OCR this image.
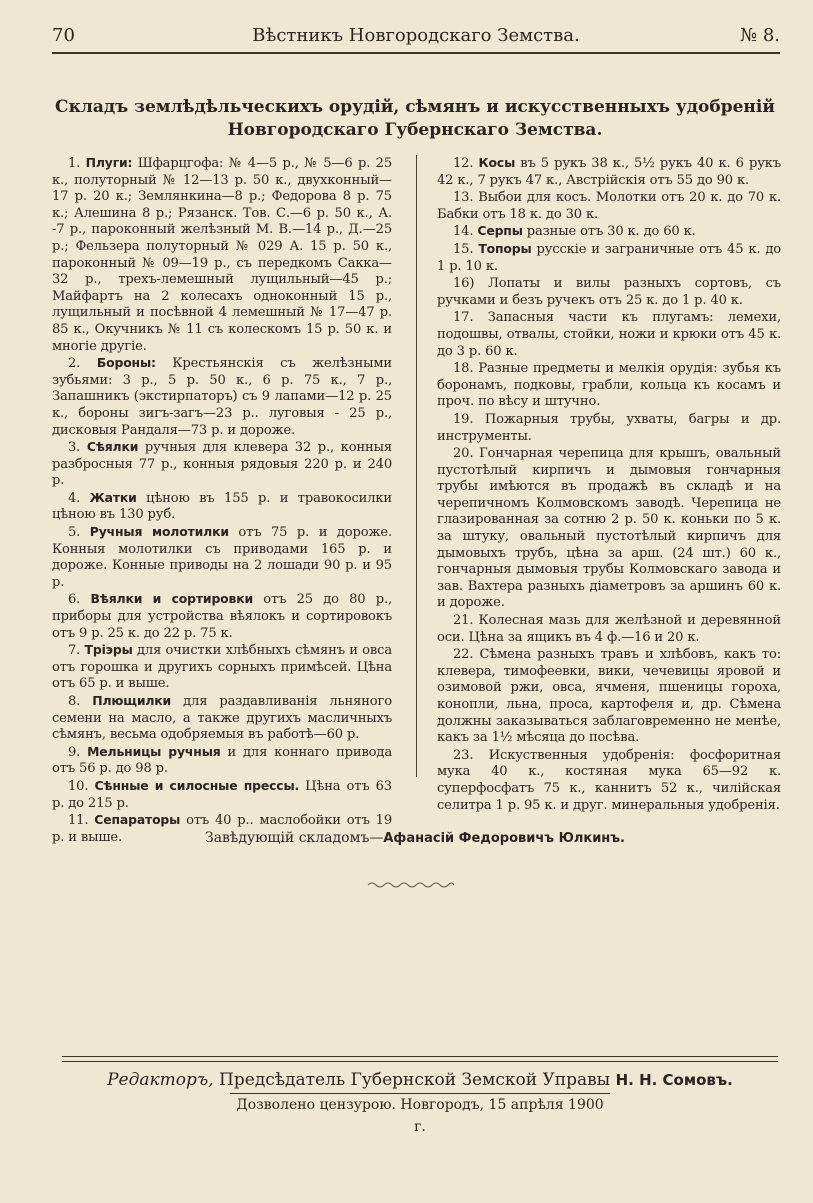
70	Вѣстникъ Новгородскаго Земства.	№ 8.
Складъ землѣдѣльческихъ орудій, сѣмянъ и искусственныхъ удобреній Новгородскаго Губернскаго Земства.

1. Плуги: Шфарцгофа: № 4—5 р., № 5—6 р. 25 к., полуторный № 12—13 р. 50 к., двухконный—17 р. 20 к.; Землянкина—8 р.; Федорова 8 р. 75 к.; Алешина 8 р.; Рязанск. Тов. С.—6 р. 50 к., А. -7 р., пароконный желѣзный М. В.—14 р., Д.—25 р.; Фельзера полуторный № 029 А. 15 р. 50 к., пароконный № 09—19 р., съ передкомъ Сакка—32 р., трехъ-лемешный лущильный—45 р.; Майфартъ на 2 колесахъ одноконный 15 р., лущильный и посѣвной 4 лемешный № 17—47 р. 85 к., Окучникъ № 11 съ колескомъ 15 р. 50 к. и многіе другіе.

2. Бороны: Крестьянскія съ желѣзными зубьями: 3 р., 5 р. 50 к., 6 р. 75 к., 7 р., Запашникъ (экстирпаторъ) съ 9 лапами—12 р. 25 к., бороны зигъ-загъ—23 р.. луговыя - 25 р., дисковыя Рандаля—73 р. и дороже.

3. Сѣялки ручныя для клевера 32 р., конныя разбросныя 77 р., конныя рядовыя 220 р. и 240 р.

4. Жатки цѣною въ 155 р. и травокосилки цѣною въ 130 руб.

5. Ручныя молотилки отъ 75 р. и дороже. Конныя молотилки съ приводами 165 р. и дороже. Конные приводы на 2 лошади 90 р. и 95 р.

6. Вѣялки и сортировки отъ 25 до 80 р., приборы для устройства вѣялокъ и сортировокъ отъ 9 р. 25 к. до 22 р. 75 к.

7. Тріэры для очистки хлѣбныхъ сѣмянъ и овса отъ горошка и другихъ сорныхъ примѣсей. Цѣна отъ 65 р. и выше.

8. Плющилки для раздавливанія льняного семени на масло, а также другихъ масличныхъ сѣмянъ, весьма одобряемыя въ работѣ—60 р.

9. Мельницы ручныя и для коннаго привода отъ 56 р. до 98 р.

10. Сѣнные и силосные прессы. Цѣна отъ 63 р. до 215 р.

11. Сепараторы отъ 40 р.. маслобойки отъ 19 р. и выше.

12. Косы въ 5 рукъ 38 к., 5½ рукъ 40 к. 6 рукъ 42 к., 7 рукъ 47 к., Австрійскія отъ 55 до 90 к.

13. Выбои для косъ. Молотки отъ 20 к. до 70 к. Бабки отъ 18 к. до 30 к.

14. Серпы разные отъ 30 к. до 60 к.

15. Топоры русскіе и заграничные отъ 45 к. до 1 р. 10 к.

16) Лопаты и вилы разныхъ сортовъ, съ ручками и безъ ручекъ отъ 25 к. до 1 р. 40 к.

17. Запасныя части къ плугамъ: лемехи, подошвы, отвалы, стойки, ножи и крюки отъ 45 к. до 3 р. 60 к.

18. Разные предметы и мелкія орудія: зубья къ боронамъ, подковы, грабли, кольца къ косамъ и проч. по вѣсу и штучно.

19. Пожарныя трубы, ухваты, багры и др. инструменты.

20. Гончарная черепица для крышъ, овальный пустотѣлый кирпичъ и дымовыя гончарныя трубы имѣются въ продажѣ въ складѣ и на черепичномъ Колмовскомъ заводѣ. Черепица не глазированная за сотню 2 р. 50 к. коньки по 5 к. за штуку, овальный пустотѣлый кирпичъ для дымовыхъ трубъ, цѣна за арш. (24 шт.) 60 к., гончарныя дымовыя трубы Колмовскаго завода и зав. Вахтера разныхъ діаметровъ за аршинъ 60 к. и дороже.

21. Колесная мазь для желѣзной и деревянной оси. Цѣна за ящикъ въ 4 ф.—16 и 20 к.

22. Сѣмена разныхъ травъ и хлѣбовъ, какъ то: клевера, тимофеевки, вики, чечевицы яровой и озимовой ржи, овса, ячменя, пшеницы гороха, конопли, льна, проса, картофеля и, др. Сѣмена должны заказываться заблаговременно не менѣе, какъ за 1½ мѣсяца до посѣва.

23. Искуственныя удобренія: фосфоритная мука 40 к., костяная мука 65—92 к. суперфосфатъ 75 к., каннитъ 52 к., чилійская селитра 1 р. 95 к. и друг. минеральныя удобренія.

Завѣдующій складомъ—Афанасій Федоровичъ Юлкинъ.
Редакторъ, Предсѣдатель Губернской Земской Управы Н. Н. Сомовъ.
Дозволено цензурою. Новгородъ, 15 апрѣля 1900 г.
